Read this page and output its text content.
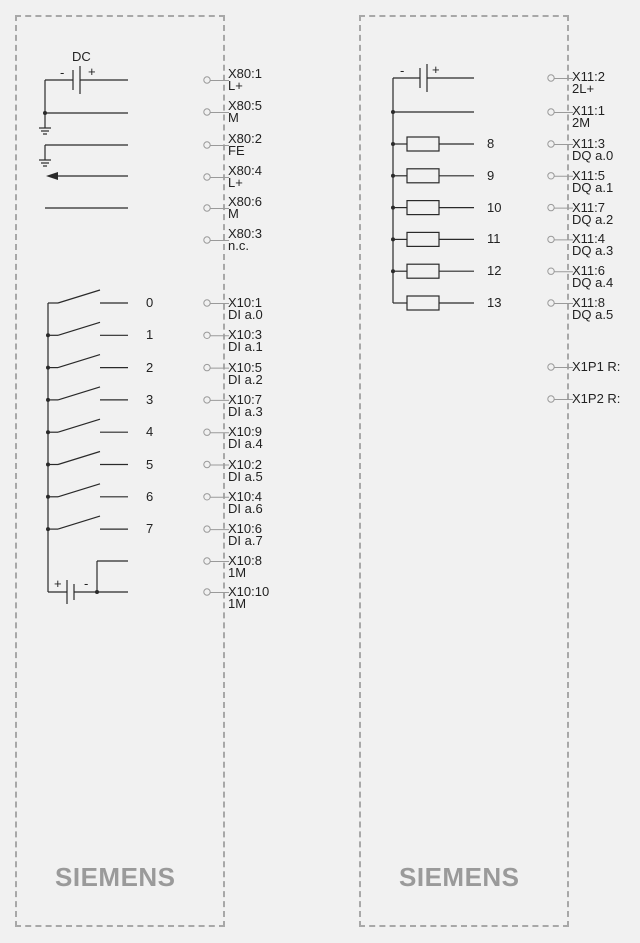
DC
- +
+ -
- +
X80:1
L+
X80:5
M
X80:2
FE
X80:4
L+
X80:6
M
X80:3
n.c.
0	X10:1
DI a.0
1	X10:3
DI a.1
2	X10:5
DI a.2
3	X10:7
DI a.3
4	X10:9
DI a.4
5	X10:2
DI a.5
6	X10:4
DI a.6
7	X10:6
DI a.7
X10:8
1M
X10:10
1M
X11:2
2L+
X11:1
2M
8	X11:3
DQ a.0
9	X11:5
DQ a.1
10	X11:7
DQ a.2
11	X11:4
DQ a.3
12	X11:6
DQ a.4
13	X11:8
DQ a.5
X1P1 R:
X1P2 R:
SIEMENS	SIEMENS
